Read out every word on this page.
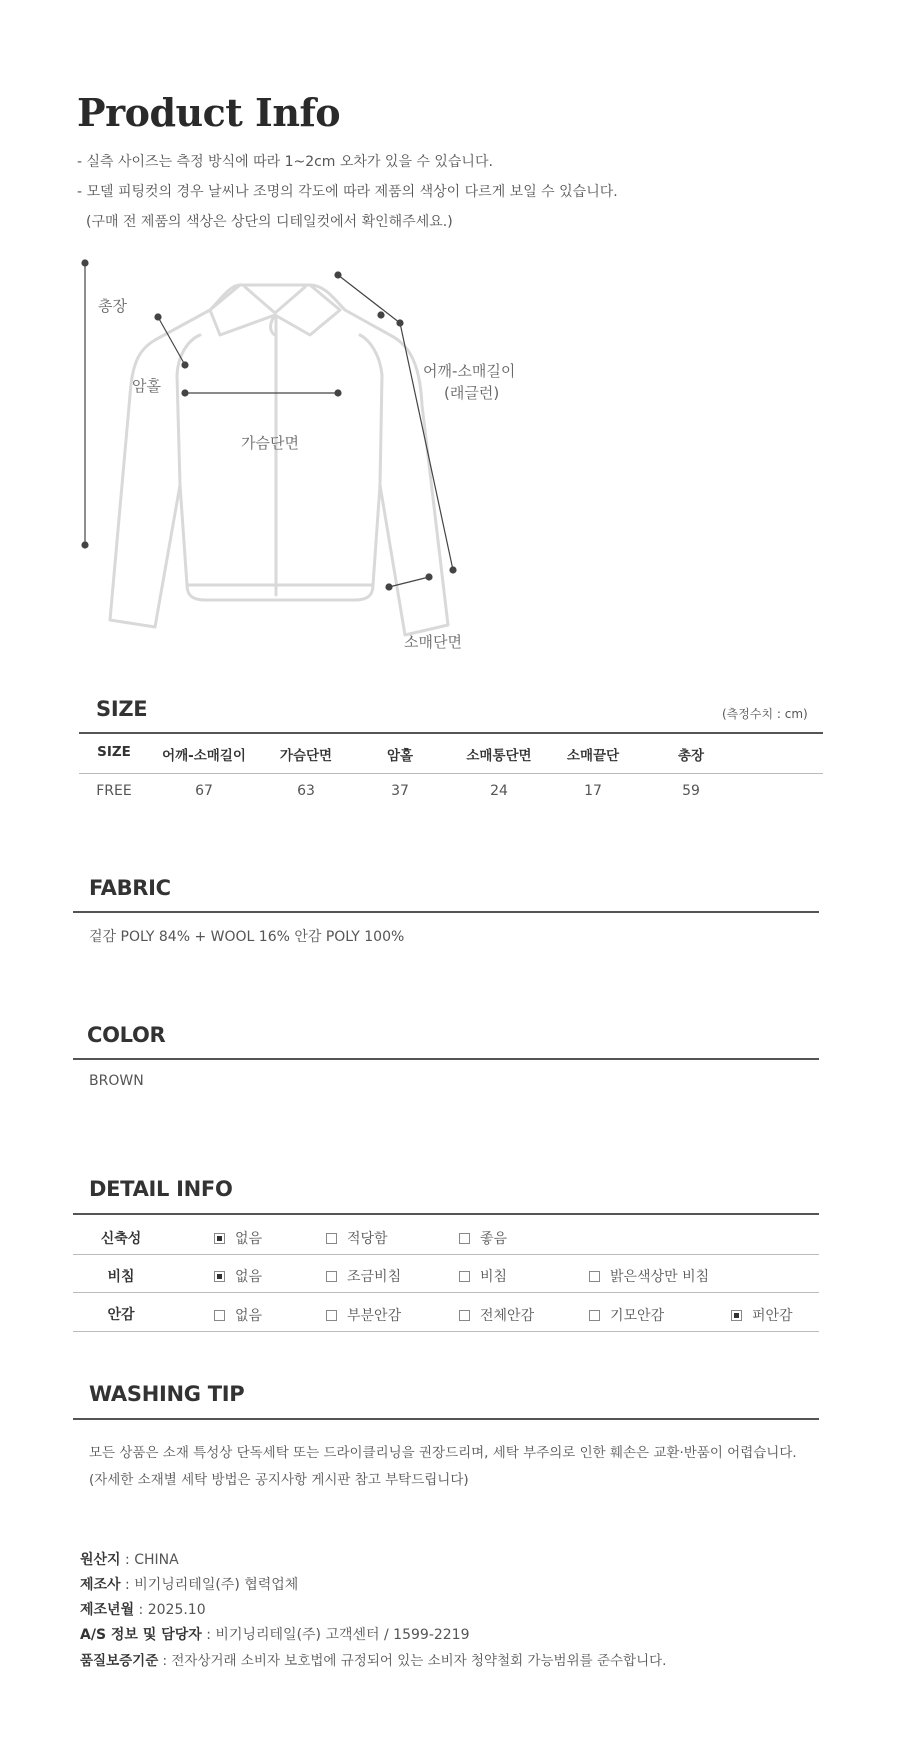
Product Info
- 실측 사이즈는 측정 방식에 따라 1~2cm 오차가 있을 수 있습니다.
- 모델 피팅컷의 경우 날씨나 조명의 각도에 따라 제품의 색상이 다르게 보일 수 있습니다.
(구매 전 제품의 색상은 상단의 디테일컷에서 확인해주세요.)
총장
암홀
가슴단면
어깨-소매길이
(래글런)
소매단면
SIZE	(측정수치 : cm)
SIZE 어깨-소매길이	가슴단면	암홀	소매통단면	소매끝단	총장
FREE	67	63	37	24	17	59
FABRIC
겉감 POLY 84% + WOOL 16% 안감 POLY 100%
COLOR
BROWN
DETAIL INFO
신축성	없음	적당함	좋음
비침	없음	조금비침	비침	밝은색상만 비침
안감	없음	부분안감	전체안감	기모안감	퍼안감
WASHING TIP
모든 상품은 소재 특성상 단독세탁 또는 드라이클리닝을 권장드리며, 세탁 부주의로 인한 훼손은 교환·반품이 어렵습니다.
(자세한 소재별 세탁 방법은 공지사항 게시판 참고 부탁드립니다)
원산지 : CHINA
제조사 : 비기닝리테일(주) 협력업체
제조년월 : 2025.10
A/S 정보 및 담당자 : 비기닝리테일(주) 고객센터 / 1599-2219
품질보증기준 : 전자상거래 소비자 보호법에 규정되어 있는 소비자 청약철회 가능범위를 준수합니다.
